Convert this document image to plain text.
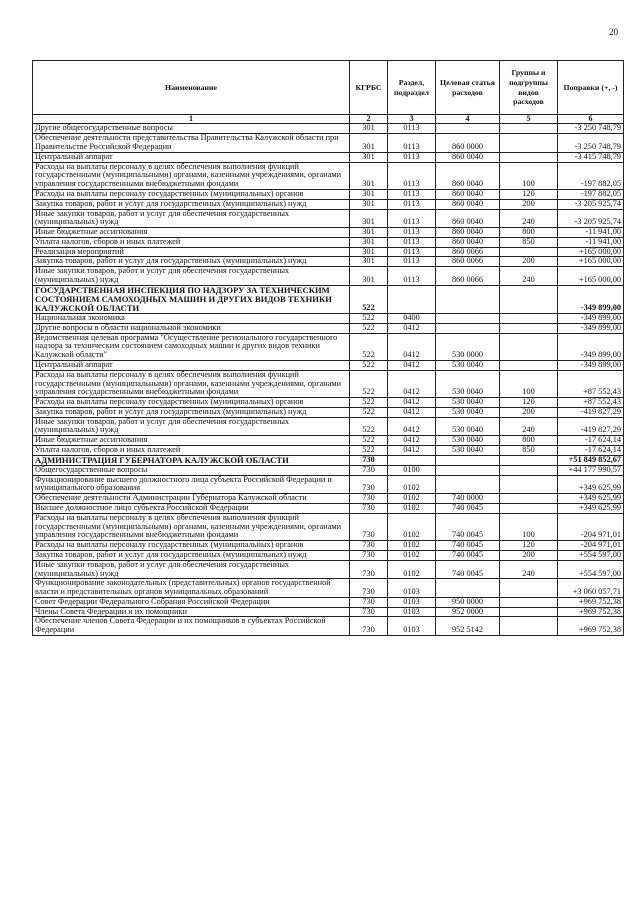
20
Наименование	КГРБС	Раздел, подраздел	Целевая статья расходов	Группы и подгруппы видов расходов	Поправки (+, -)
1	2	3	4	5	6
Другие общегосударственные вопросы	301	0113			-3 250 748,79
Обеспечение деятельности представительства Правительства Калужской области при Правительстве Российской Федерации	301	0113	860 0000		-3 250 748,79
Центральный аппарат	301	0113	860 0040		-3 415 748,79
Расходы на выплаты персоналу в целях обеспечения выполнения функций государственными (муниципальными) органами, казенными учреждениями, органами управления государственными внебюджетными фондами	301	0113	860 0040	100	-197 882,05
Расходы на выплаты персоналу государственных (муниципальных) органов	301	0113	860 0040	120	-197 882,05
Закупка товаров, работ и услуг для государственных (муниципальных) нужд	301	0113	860 0040	200	-3 205 925,74
Иные закупки товаров, работ и услуг для обеспечения государственных (муниципальных) нужд	301	0113	860 0040	240	-3 205 925,74
Иные бюджетные ассигнования	301	0113	860 0040	800	-11 941,00
Уплата налогов, сборов и иных платежей	301	0113	860 0040	850	-11 941,00
Реализация мероприятий	301	0113	860 0066		+165 000,00
Закупка товаров, работ и услуг для государственных (муниципальных) нужд	301	0113	860 0066	200	+165 000,00
Иные закупки товаров, работ и услуг для обеспечения государственных (муниципальных) нужд	301	0113	860 0066	240	+165 000,00
ГОСУДАРСТВЕННАЯ ИНСПЕКЦИЯ ПО НАДЗОРУ ЗА ТЕХНИЧЕСКИМ СОСТОЯНИЕМ САМОХОДНЫХ МАШИН И ДРУГИХ ВИДОВ ТЕХНИКИ КАЛУЖСКОЙ ОБЛАСТИ	522				-349 899,00
Национальная экономика	522	0400			-349 899,00
Другие вопросы в области национальной экономики	522	0412			-349 899,00
Ведомственная целевая программа "Осуществление регионального государственного надзора за техническим состоянием самоходных машин и других видов техники Калужской области"	522	0412	530 0000		-349 899,00
Центральный аппарат	522	0412	530 0040		-349 899,00
Расходы на выплаты персоналу в целях обеспечения выполнения функций государственными (муниципальными) органами, казенными учреждениями, органами управления государственными внебюджетными фондами	522	0412	530 0040	100	+87 552,43
Расходы на выплаты персоналу государственных (муниципальных) органов	522	0412	530 0040	120	+87 552,43
Закупка товаров, работ и услуг для государственных (муниципальных) нужд	522	0412	530 0040	200	-419 827,29
Иные закупки товаров, работ и услуг для обеспечения государственных (муниципальных) нужд	522	0412	530 0040	240	-419 827,29
Иные бюджетные ассигнования	522	0412	530 0040	800	-17 624,14
Уплата налогов, сборов и иных платежей	522	0412	530 0040	850	-17 624,14
АДМИНИСТРАЦИЯ ГУБЕРНАТОРА КАЛУЖСКОЙ ОБЛАСТИ	730				+51 849 852,67
Общегосударственные вопросы	730	0100			+44 177 990,57
Функционирование высшего должностного лица субъекта Российской Федерации и муниципального образования	730	0102			+349 625,99
Обеспечение деятельности Администрации Губернатора Калужской области	730	0102	740 0000		+349 625,99
Высшее должностное лицо субъекта Российской Федерации	730	0102	740 0045		+349 625,99
Расходы на выплаты персоналу в целях обеспечения выполнения функций государственными (муниципальными) органами, казенными учреждениями, органами управления государственными внебюджетными фондами	730	0102	740 0045	100	-204 971,01
Расходы на выплаты персоналу государственных (муниципальных) органов	730	0102	740 0045	120	-204 971,01
Закупка товаров, работ и услуг для государственных (муниципальных) нужд	730	0102	740 0045	200	+554 597,00
Иные закупки товаров, работ и услуг для обеспечения государственных (муниципальных) нужд	730	0102	740 0045	240	+554 597,00
Функционирование законодательных (представительных) органов государственной власти и представительных органов муниципальных образований	730	0103			+3 060 057,71
Совет Федерации Федерального Собрания Российской Федерации	730	0103	950 0000		+969 752,38
Члены Совета Федерации и их помощники	730	0103	952 0000		+969 752,38
Обеспечение членов Совета Федерации и их помощников в субъектах Российской Федерации	730	0103	952 5142		+969 752,38
